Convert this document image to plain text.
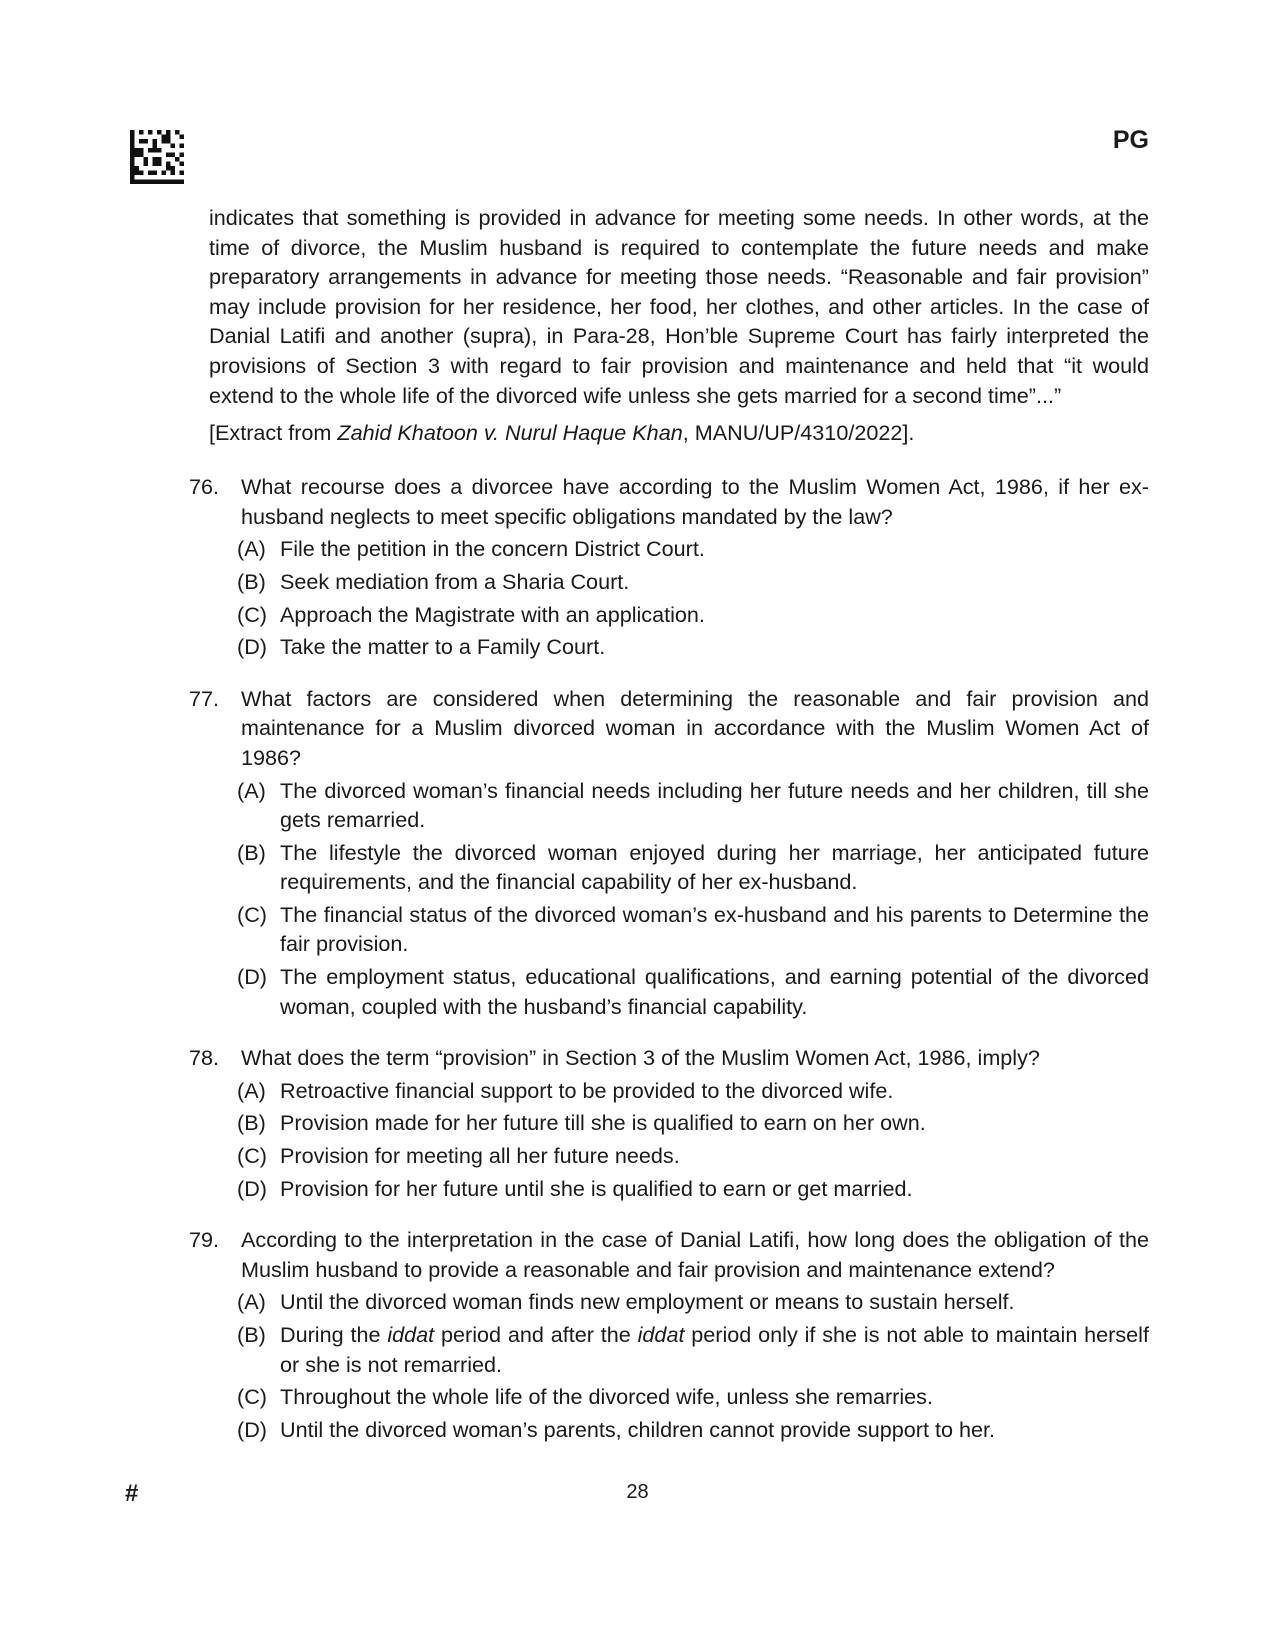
PG

indicates that something is provided in advance for meeting some needs. In other words, at the time of divorce, the Muslim husband is required to contemplate the future needs and make preparatory arrangements in advance for meeting those needs. “Reasonable and fair provision” may include provision for her residence, her food, her clothes, and other articles. In the case of Danial Latifi and another (supra), in Para-28, Hon’ble Supreme Court has fairly interpreted the provisions of Section 3 with regard to fair provision and maintenance and held that “it would extend to the whole life of the divorced wife unless she gets married for a second time”...”

[Extract from Zahid Khatoon v. Nurul Haque Khan, MANU/UP/4310/2022].

76. What recourse does a divorcee have according to the Muslim Women Act, 1986, if her ex-husband neglects to meet specific obligations mandated by the law?
(A) File the petition in the concern District Court.
(B) Seek mediation from a Sharia Court.
(C) Approach the Magistrate with an application.
(D) Take the matter to a Family Court.
77. What factors are considered when determining the reasonable and fair provision and maintenance for a Muslim divorced woman in accordance with the Muslim Women Act of 1986?
(A) The divorced woman’s financial needs including her future needs and her children, till she gets remarried.
(B) The lifestyle the divorced woman enjoyed during her marriage, her anticipated future requirements, and the financial capability of her ex-husband.
(C) The financial status of the divorced woman’s ex-husband and his parents to Determine the fair provision.
(D) The employment status, educational qualifications, and earning potential of the divorced woman, coupled with the husband’s financial capability.
78. What does the term “provision” in Section 3 of the Muslim Women Act, 1986, imply?
(A) Retroactive financial support to be provided to the divorced wife.
(B) Provision made for her future till she is qualified to earn on her own.
(C) Provision for meeting all her future needs.
(D) Provision for her future until she is qualified to earn or get married.
79. According to the interpretation in the case of Danial Latifi, how long does the obligation of the Muslim husband to provide a reasonable and fair provision and maintenance extend?
(A) Until the divorced woman finds new employment or means to sustain herself.
(B) During the iddat period and after the iddat period only if she is not able to maintain herself or she is not remarried.
(C) Throughout the whole life of the divorced wife, unless she remarries.
(D) Until the divorced woman’s parents, children cannot provide support to her.
#	28
